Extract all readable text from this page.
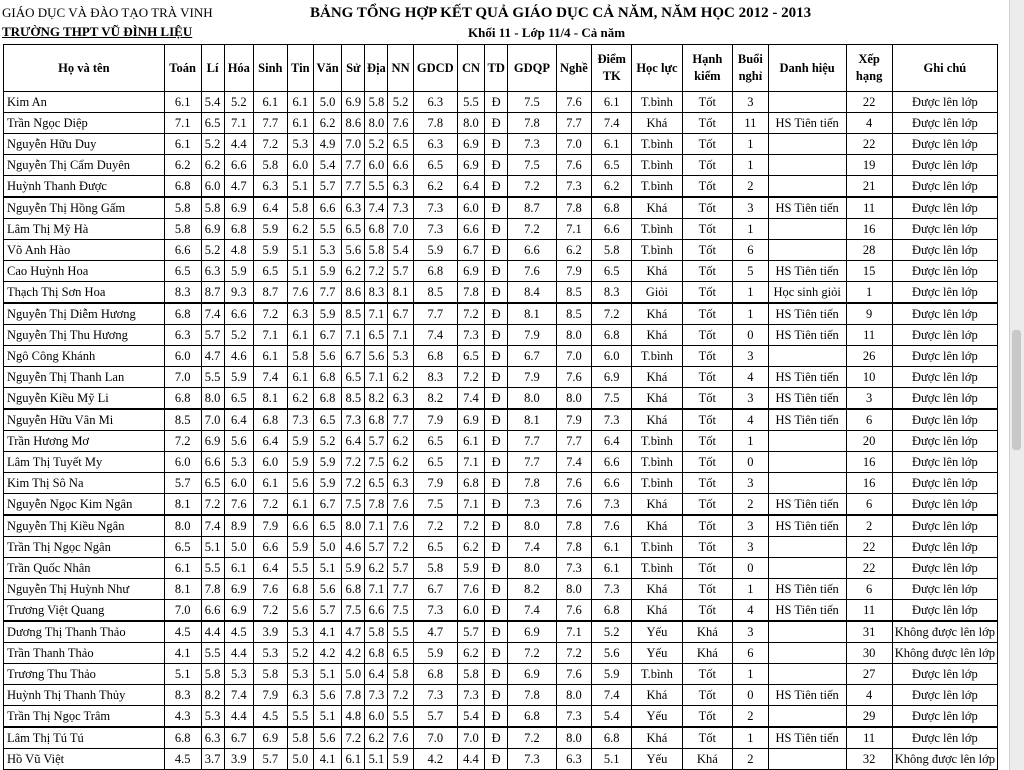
GIÁO DỤC VÀ ĐÀO TẠO TRÀ VINH
TRƯỜNG THPT VŨ ĐÌNH LIỆU
BẢNG TỔNG HỢP KẾT QUẢ GIÁO DỤC CẢ NĂM, NĂM HỌC 2012 - 2013
Khối 11 - Lớp 11/4 - Cả năm
Họ và tên	Toán	Lí	Hóa	Sinh	Tin	Văn	Sử	Địa	NN	GDCD	CN	TD	GDQP	Nghề	Điểm TK	Học lực	Hạnh kiểm	Buổi nghỉ	Danh hiệu	Xếp hạng	Ghi chú
Kim An	6.1	5.4	5.2	6.1	6.1	5.0	6.9	5.8	5.2	6.3	5.5	Đ	7.5	7.6	6.1	T.bình	Tốt	3		22	Được lên lớp
Trần Ngọc Diệp	7.1	6.5	7.1	7.7	6.1	6.2	8.6	8.0	7.6	7.8	8.0	Đ	7.8	7.7	7.4	Khá	Tốt	11	HS Tiên tiến	4	Được lên lớp
Nguyễn Hữu Duy	6.1	5.2	4.4	7.2	5.3	4.9	7.0	5.2	6.5	6.3	6.9	Đ	7.3	7.0	6.1	T.bình	Tốt	1		22	Được lên lớp
Nguyễn Thị Cẩm Duyên	6.2	6.2	6.6	5.8	6.0	5.4	7.7	6.0	6.6	6.5	6.9	Đ	7.5	7.6	6.5	T.bình	Tốt	1		19	Được lên lớp
Huỳnh Thanh Được	6.8	6.0	4.7	6.3	5.1	5.7	7.7	5.5	6.3	6.2	6.4	Đ	7.2	7.3	6.2	T.bình	Tốt	2		21	Được lên lớp
Nguyễn Thị Hồng Gấm	5.8	5.8	6.9	6.4	5.8	6.6	6.3	7.4	7.3	7.3	6.0	Đ	8.7	7.8	6.8	Khá	Tốt	3	HS Tiên tiến	11	Được lên lớp
Lâm Thị Mỹ Hà	5.8	6.9	6.8	5.9	6.2	5.5	6.5	6.8	7.0	7.3	6.6	Đ	7.2	7.1	6.6	T.bình	Tốt	1		16	Được lên lớp
Võ Anh Hào	6.6	5.2	4.8	5.9	5.1	5.3	5.6	5.8	5.4	5.9	6.7	Đ	6.6	6.2	5.8	T.bình	Tốt	6		28	Được lên lớp
Cao Huỳnh Hoa	6.5	6.3	5.9	6.5	5.1	5.9	6.2	7.2	5.7	6.8	6.9	Đ	7.6	7.9	6.5	Khá	Tốt	5	HS Tiên tiến	15	Được lên lớp
Thạch Thị Sơn Hoa	8.3	8.7	9.3	8.7	7.6	7.7	8.6	8.3	8.1	8.5	7.8	Đ	8.4	8.5	8.3	Giỏi	Tốt	1	Học sinh giỏi	1	Được lên lớp
Nguyễn Thị Diễm Hương	6.8	7.4	6.6	7.2	6.3	5.9	8.5	7.1	6.7	7.7	7.2	Đ	8.1	8.5	7.2	Khá	Tốt	1	HS Tiên tiến	9	Được lên lớp
Nguyễn Thị Thu Hương	6.3	5.7	5.2	7.1	6.1	6.7	7.1	6.5	7.1	7.4	7.3	Đ	7.9	8.0	6.8	Khá	Tốt	0	HS Tiên tiến	11	Được lên lớp
Ngô Công Khánh	6.0	4.7	4.6	6.1	5.8	5.6	6.7	5.6	5.3	6.8	6.5	Đ	6.7	7.0	6.0	T.bình	Tốt	3		26	Được lên lớp
Nguyễn Thị Thanh Lan	7.0	5.5	5.9	7.4	6.1	6.8	6.5	7.1	6.2	8.3	7.2	Đ	7.9	7.6	6.9	Khá	Tốt	4	HS Tiên tiến	10	Được lên lớp
Nguyễn Kiều Mỹ Li	6.8	8.0	6.5	8.1	6.2	6.8	8.5	8.2	6.3	8.2	7.4	Đ	8.0	8.0	7.5	Khá	Tốt	3	HS Tiên tiến	3	Được lên lớp
Nguyễn Hữu Vân Mi	8.5	7.0	6.4	6.8	7.3	6.5	7.3	6.8	7.7	7.9	6.9	Đ	8.1	7.9	7.3	Khá	Tốt	4	HS Tiên tiến	6	Được lên lớp
Trần Hương Mơ	7.2	6.9	5.6	6.4	5.9	5.2	6.4	5.7	6.2	6.5	6.1	Đ	7.7	7.7	6.4	T.bình	Tốt	1		20	Được lên lớp
Lâm Thị Tuyết My	6.0	6.6	5.3	6.0	5.9	5.9	7.2	7.5	6.2	6.5	7.1	Đ	7.7	7.4	6.6	T.bình	Tốt	0		16	Được lên lớp
Kim Thị Sô Na	5.7	6.5	6.0	6.1	5.6	5.9	7.2	6.5	6.3	7.9	6.8	Đ	7.8	7.6	6.6	T.bình	Tốt	3		16	Được lên lớp
Nguyễn Ngọc Kim Ngân	8.1	7.2	7.6	7.2	6.1	6.7	7.5	7.8	7.6	7.5	7.1	Đ	7.3	7.6	7.3	Khá	Tốt	2	HS Tiên tiến	6	Được lên lớp
Nguyễn Thị Kiều Ngân	8.0	7.4	8.9	7.9	6.6	6.5	8.0	7.1	7.6	7.2	7.2	Đ	8.0	7.8	7.6	Khá	Tốt	3	HS Tiên tiến	2	Được lên lớp
Trần Thị Ngọc Ngân	6.5	5.1	5.0	6.6	5.9	5.0	4.6	5.7	7.2	6.5	6.2	Đ	7.4	7.8	6.1	T.bình	Tốt	3		22	Được lên lớp
Trần Quốc Nhân	6.1	5.5	6.1	6.4	5.5	5.1	5.9	6.2	5.7	5.8	5.9	Đ	8.0	7.3	6.1	T.bình	Tốt	0		22	Được lên lớp
Nguyễn Thị Huỳnh Như	8.1	7.8	6.9	7.6	6.8	5.6	6.8	7.1	7.7	6.7	7.6	Đ	8.2	8.0	7.3	Khá	Tốt	1	HS Tiên tiến	6	Được lên lớp
Trương Việt Quang	7.0	6.6	6.9	7.2	5.6	5.7	7.5	6.6	7.5	7.3	6.0	Đ	7.4	7.6	6.8	Khá	Tốt	4	HS Tiên tiến	11	Được lên lớp
Dương Thị Thanh Thảo	4.5	4.4	4.5	3.9	5.3	4.1	4.7	5.8	5.5	4.7	5.7	Đ	6.9	7.1	5.2	Yếu	Khá	3		31	Không được lên lớp
Trần Thanh Thảo	4.1	5.5	4.4	5.3	5.2	4.2	4.2	6.8	6.5	5.9	6.2	Đ	7.2	7.2	5.6	Yếu	Khá	6		30	Không được lên lớp
Trương Thu Thảo	5.1	5.8	5.3	5.8	5.3	5.1	5.0	6.4	5.8	6.8	5.8	Đ	6.9	7.6	5.9	T.bình	Tốt	1		27	Được lên lớp
Huỳnh Thị Thanh Thủy	8.3	8.2	7.4	7.9	6.3	5.6	7.8	7.3	7.2	7.3	7.3	Đ	7.8	8.0	7.4	Khá	Tốt	0	HS Tiên tiến	4	Được lên lớp
Trần Thị Ngọc Trâm	4.3	5.3	4.4	4.5	5.5	5.1	4.8	6.0	5.5	5.7	5.4	Đ	6.8	7.3	5.4	Yếu	Tốt	2		29	Được lên lớp
Lâm Thị Tú Tú	6.8	6.3	6.7	6.9	5.8	5.6	7.2	6.2	7.6	7.0	7.0	Đ	7.2	8.0	6.8	Khá	Tốt	1	HS Tiên tiến	11	Được lên lớp
Hồ Vũ Việt	4.5	3.7	3.9	5.7	5.0	4.1	6.1	5.1	5.9	4.2	4.4	Đ	7.3	6.3	5.1	Yếu	Khá	2		32	Không được lên lớp
